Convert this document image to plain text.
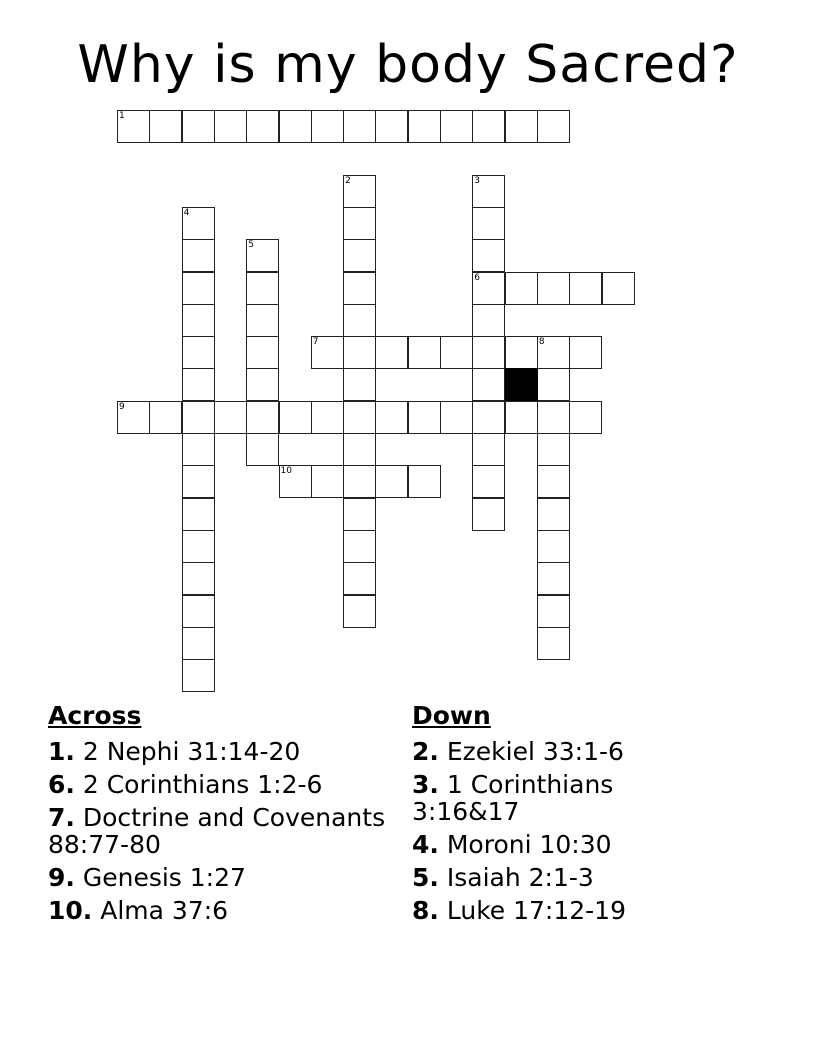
Why is my body Sacred?
1
2	3
6
4
5
7	8
9
10
Across
1. 2 Nephi 31:14-20
6. 2 Corinthians 1:2-6
7. Doctrine and Covenants 88:77-80
9. Genesis 1:27
10. Alma 37:6
Down
2. Ezekiel 33:1-6
3. 1 Corinthians 3:16&17
4. Moroni 10:30
5. Isaiah 2:1-3
8. Luke 17:12-19
